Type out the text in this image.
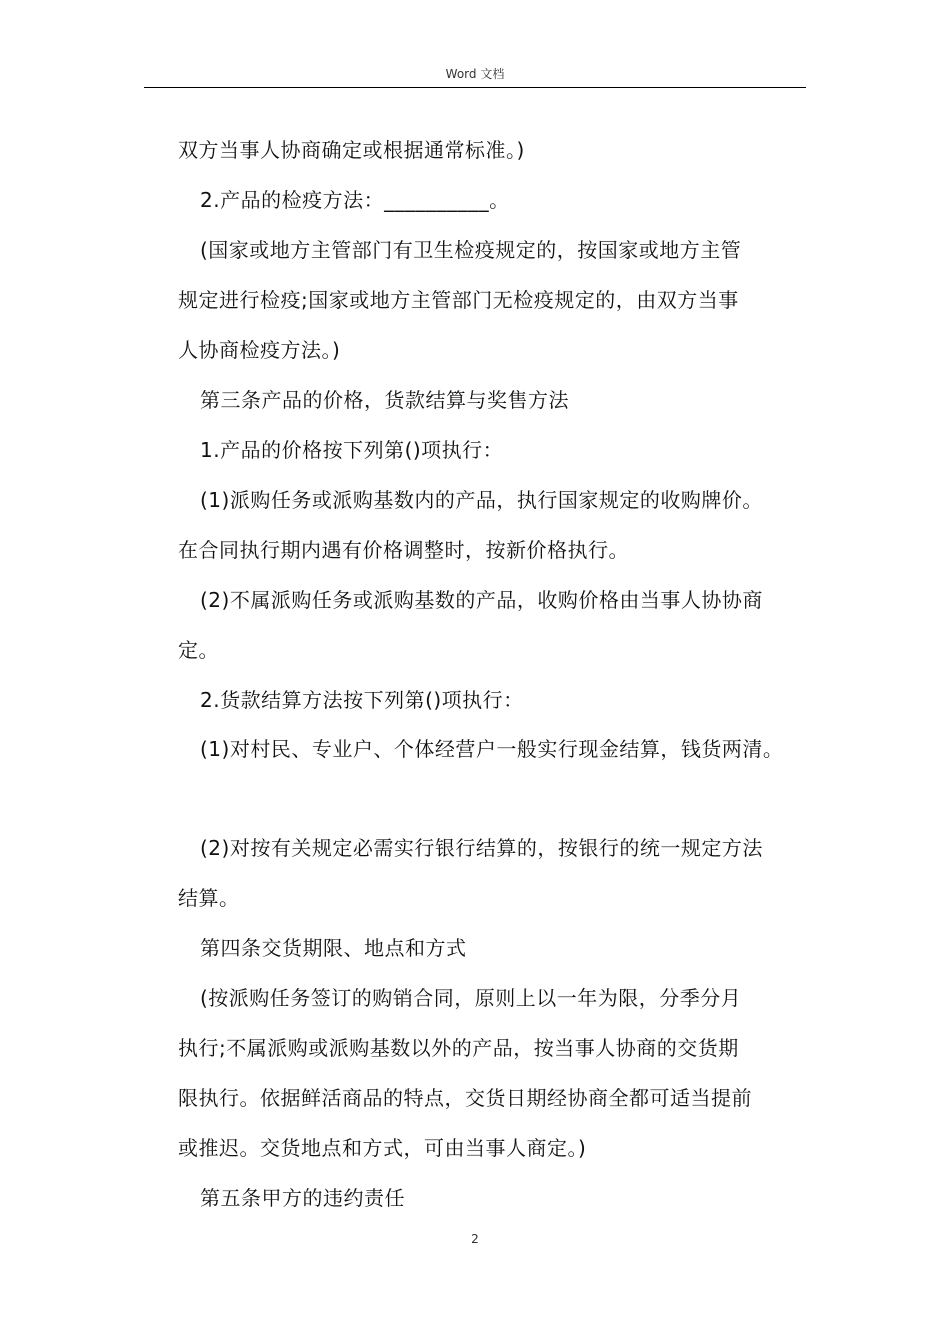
Word 文档
双方当事人协商确定或根据通常标准。)
2.产品的检疫方法：__________。
(国家或地方主管部门有卫生检疫规定的，按国家或地方主管
规定进行检疫;国家或地方主管部门无检疫规定的，由双方当事
人协商检疫方法。)
第三条产品的价格，货款结算与奖售方法
1.产品的价格按下列第()项执行：
(1)派购任务或派购基数内的产品，执行国家规定的收购牌价。
在合同执行期内遇有价格调整时，按新价格执行。
(2)不属派购任务或派购基数的产品，收购价格由当事人协协商
定。
2.货款结算方法按下列第()项执行：
(1)对村民、专业户、个体经营户一般实行现金结算，钱货两清。
(2)对按有关规定必需实行银行结算的，按银行的统一规定方法
结算。
第四条交货期限、地点和方式
(按派购任务签订的购销合同，原则上以一年为限，分季分月
执行;不属派购或派购基数以外的产品，按当事人协商的交货期
限执行。依据鲜活商品的特点，交货日期经协商全都可适当提前
或推迟。交货地点和方式，可由当事人商定。)
第五条甲方的违约责任
2
